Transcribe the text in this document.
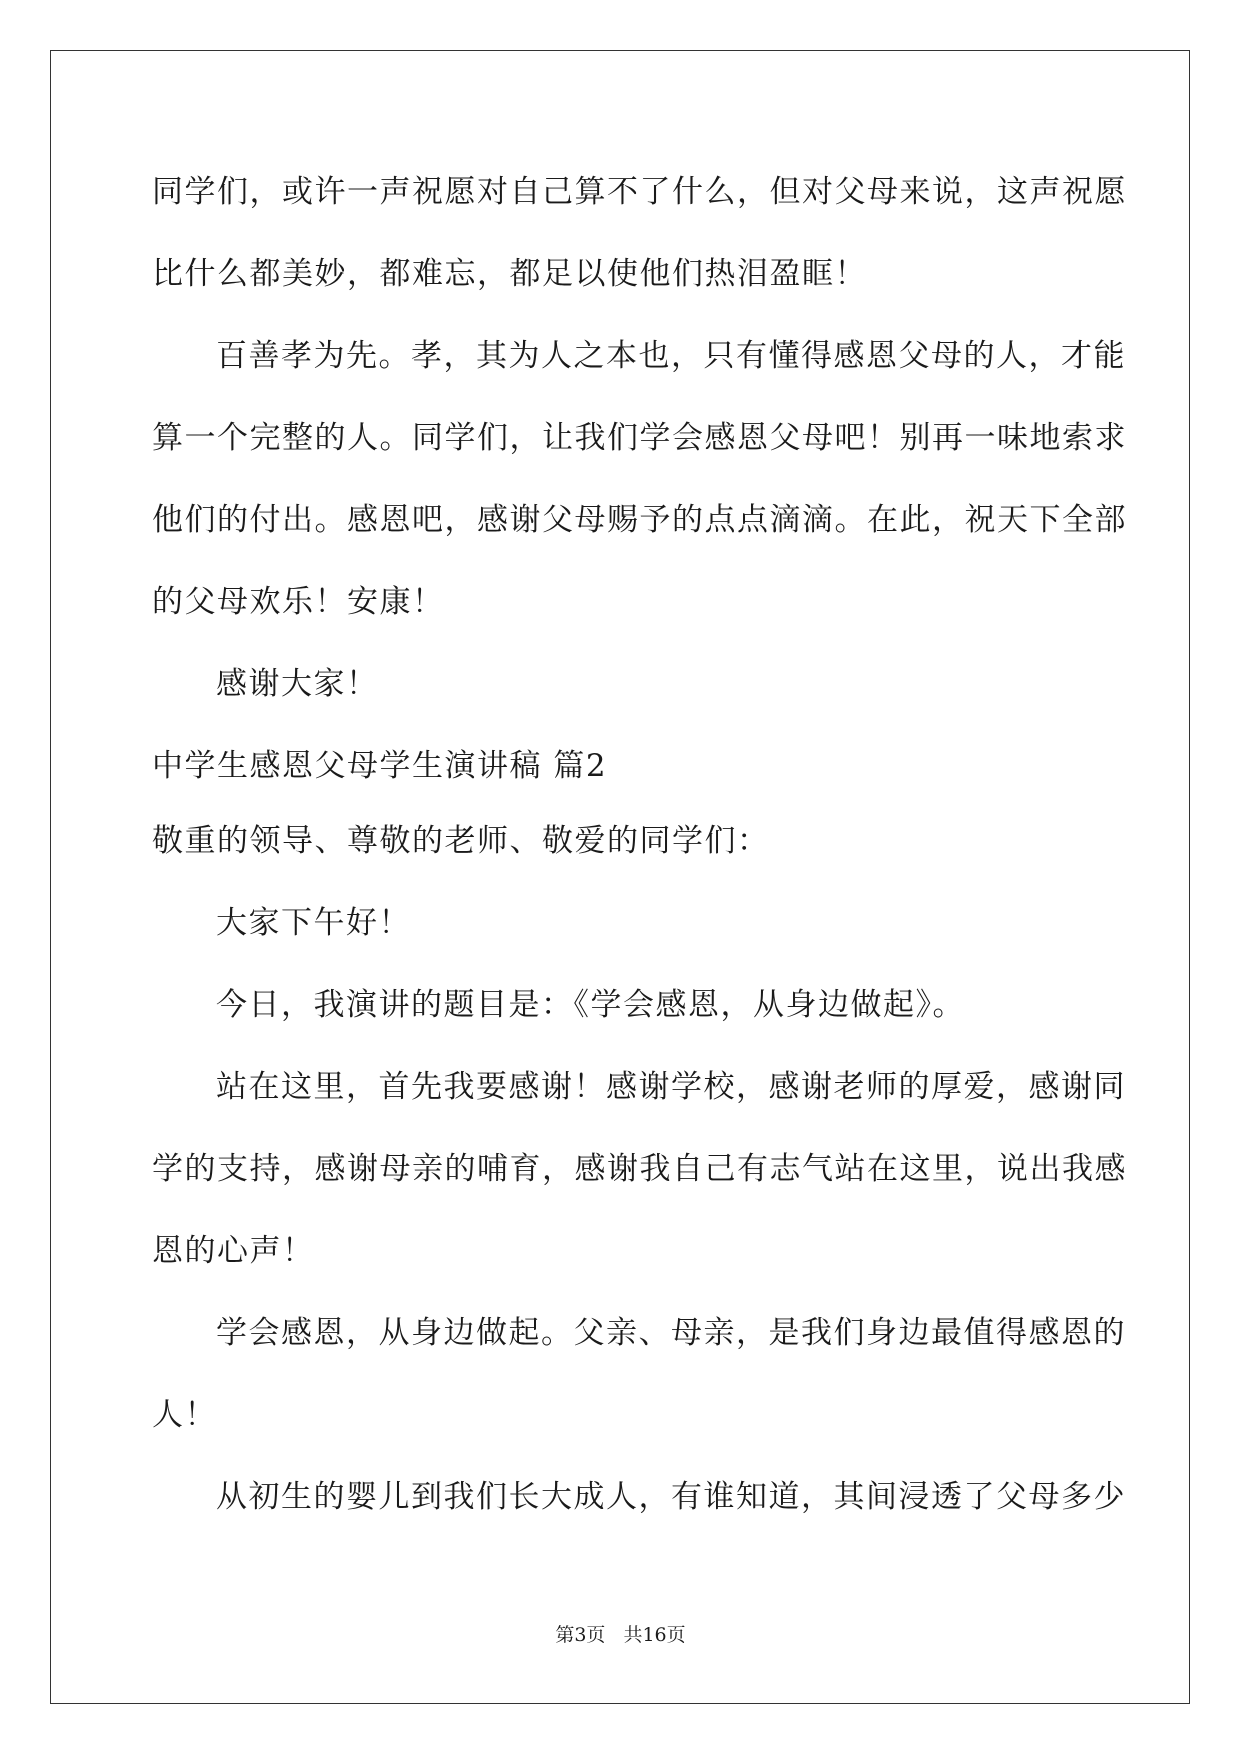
同学们，或许一声祝愿对自己算不了什么，但对父母来说，这声祝愿
比什么都美妙，都难忘，都足以使他们热泪盈眶！
百善孝为先。孝，其为人之本也，只有懂得感恩父母的人，才能
算一个完整的人。同学们，让我们学会感恩父母吧！别再一味地索求
他们的付出。感恩吧，感谢父母赐予的点点滴滴。在此，祝天下全部
的父母欢乐！安康！
感谢大家！
中学生感恩父母学生演讲稿 篇2
敬重的领导、尊敬的老师、敬爱的同学们：
大家下午好！
今日，我演讲的题目是：《学会感恩，从身边做起》。
站在这里，首先我要感谢！感谢学校，感谢老师的厚爱，感谢同
学的支持，感谢母亲的哺育，感谢我自己有志气站在这里，说出我感
恩的心声！
学会感恩，从身边做起。父亲、母亲，是我们身边最值得感恩的
人！
从初生的婴儿到我们长大成人，有谁知道，其间浸透了父母多少
第3页 共16页
